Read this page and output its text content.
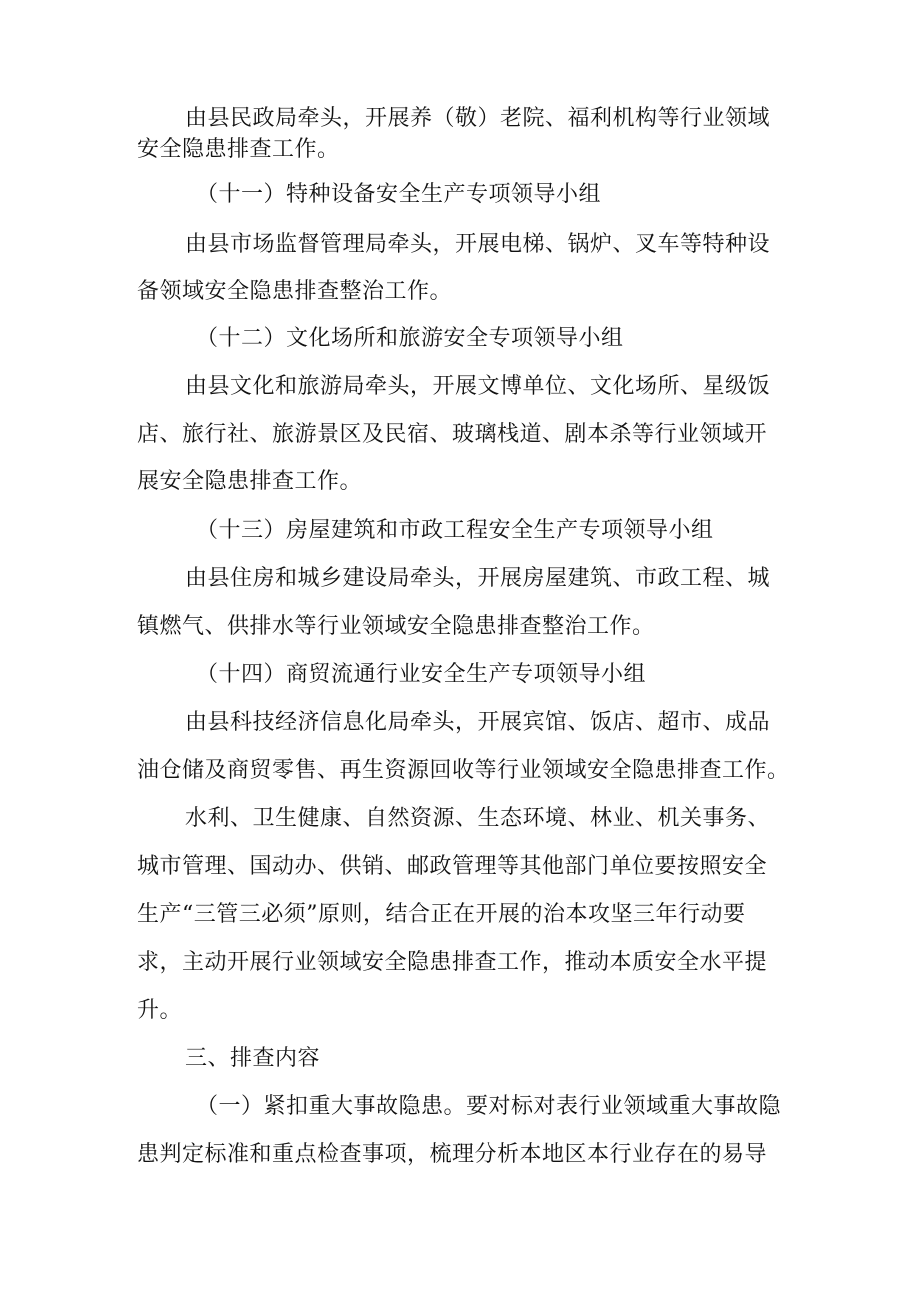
由县民政局牵头，开展养（敬）老院、福利机构等行业领域
安全隐患排查工作。
（十一）特种设备安全生产专项领导小组
由县市场监督管理局牵头，开展电梯、锅炉、叉车等特种设
备领域安全隐患排查整治工作。
（十二）文化场所和旅游安全专项领导小组
由县文化和旅游局牵头，开展文博单位、文化场所、星级饭
店、旅行社、旅游景区及民宿、玻璃栈道、剧本杀等行业领域开
展安全隐患排查工作。
（十三）房屋建筑和市政工程安全生产专项领导小组
由县住房和城乡建设局牵头，开展房屋建筑、市政工程、城
镇燃气、供排水等行业领域安全隐患排查整治工作。
（十四）商贸流通行业安全生产专项领导小组
由县科技经济信息化局牵头，开展宾馆、饭店、超市、成品
油仓储及商贸零售、再生资源回收等行业领域安全隐患排查工作。
水利、卫生健康、自然资源、生态环境、林业、机关事务、
城市管理、国动办、供销、邮政管理等其他部门单位要按照安全
生产“三管三必须”原则，结合正在开展的治本攻坚三年行动要
求，主动开展行业领域安全隐患排查工作，推动本质安全水平提
升。
三、排查内容
（一）紧扣重大事故隐患。要对标对表行业领域重大事故隐
患判定标准和重点检查事项，梳理分析本地区本行业存在的易导
